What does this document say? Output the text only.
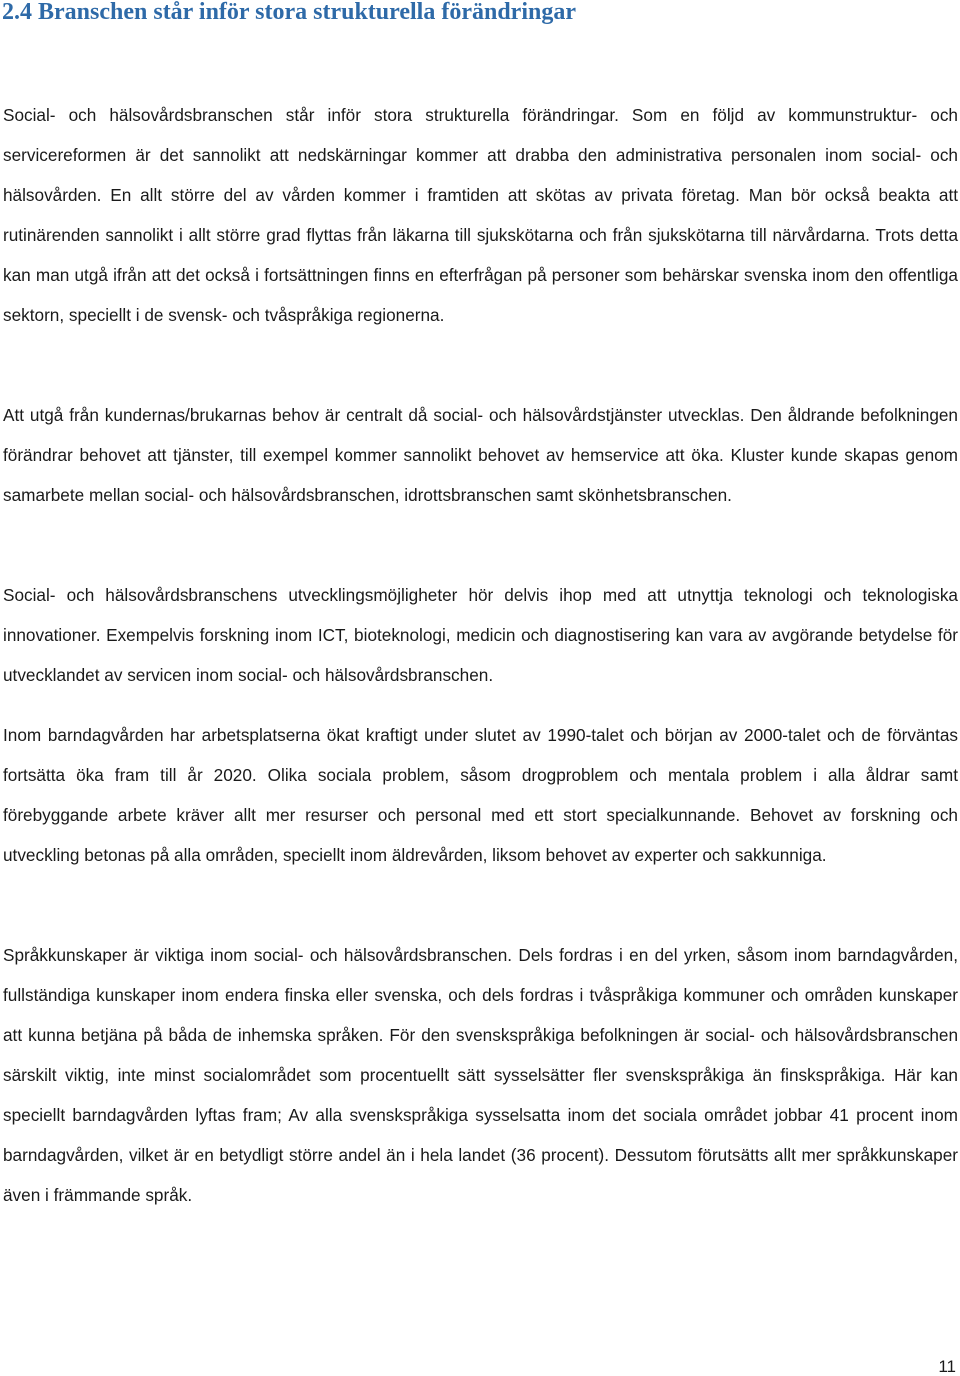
2.4 Branschen står inför stora strukturella förändringar

Social- och hälsovårdsbranschen står inför stora strukturella förändringar. Som en följd av kommunstruktur- och servicereformen är det sannolikt att nedskärningar kommer att drabba den administrativa personalen inom social- och hälsovården. En allt större del av vården kommer i framtiden att skötas av privata företag. Man bör också beakta att rutinärenden sannolikt i allt större grad flyttas från läkarna till sjukskötarna och från sjukskötarna till närvårdarna. Trots detta kan man utgå ifrån att det också i fortsättningen finns en efterfrågan på personer som behärskar svenska inom den offentliga sektorn, speciellt i de svensk- och tvåspråkiga regionerna.

Att utgå från kundernas/brukarnas behov är centralt då social- och hälsovårdstjänster utvecklas. Den åldrande befolkningen förändrar behovet att tjänster, till exempel kommer sannolikt behovet av hemservice att öka. Kluster kunde skapas genom samarbete mellan social- och hälsovårdsbranschen, idrottsbranschen samt skönhetsbranschen.

Social- och hälsovårdsbranschens utvecklingsmöjligheter hör delvis ihop med att utnyttja teknologi och teknologiska innovationer. Exempelvis forskning inom ICT, bioteknologi, medicin och diagnostisering kan vara av avgörande betydelse för utvecklandet av servicen inom social- och hälsovårdsbranschen.

Inom barndagvården har arbetsplatserna ökat kraftigt under slutet av 1990-talet och början av 2000-talet och de förväntas fortsätta öka fram till år 2020. Olika sociala problem, såsom drogproblem och mentala problem i alla åldrar samt förebyggande arbete kräver allt mer resurser och personal med ett stort specialkunnande. Behovet av forskning och utveckling betonas på alla områden, speciellt inom äldrevården, liksom behovet av experter och sakkunniga.

Språkkunskaper är viktiga inom social- och hälsovårdsbranschen. Dels fordras i en del yrken, såsom inom barndagvården, fullständiga kunskaper inom endera finska eller svenska, och dels fordras i tvåspråkiga kommuner och områden kunskaper att kunna betjäna på båda de inhemska språken. För den svenskspråkiga befolkningen är social- och hälsovårdsbranschen särskilt viktig, inte minst socialområdet som procentuellt sätt sysselsätter fler svenskspråkiga än finskspråkiga. Här kan speciellt barndagvården lyftas fram; Av alla svenskspråkiga sysselsatta inom det sociala området jobbar 41 procent inom barndagvården, vilket är en betydligt större andel än i hela landet (36 procent). Dessutom förutsätts allt mer språkkunskaper även i främmande språk.

11
